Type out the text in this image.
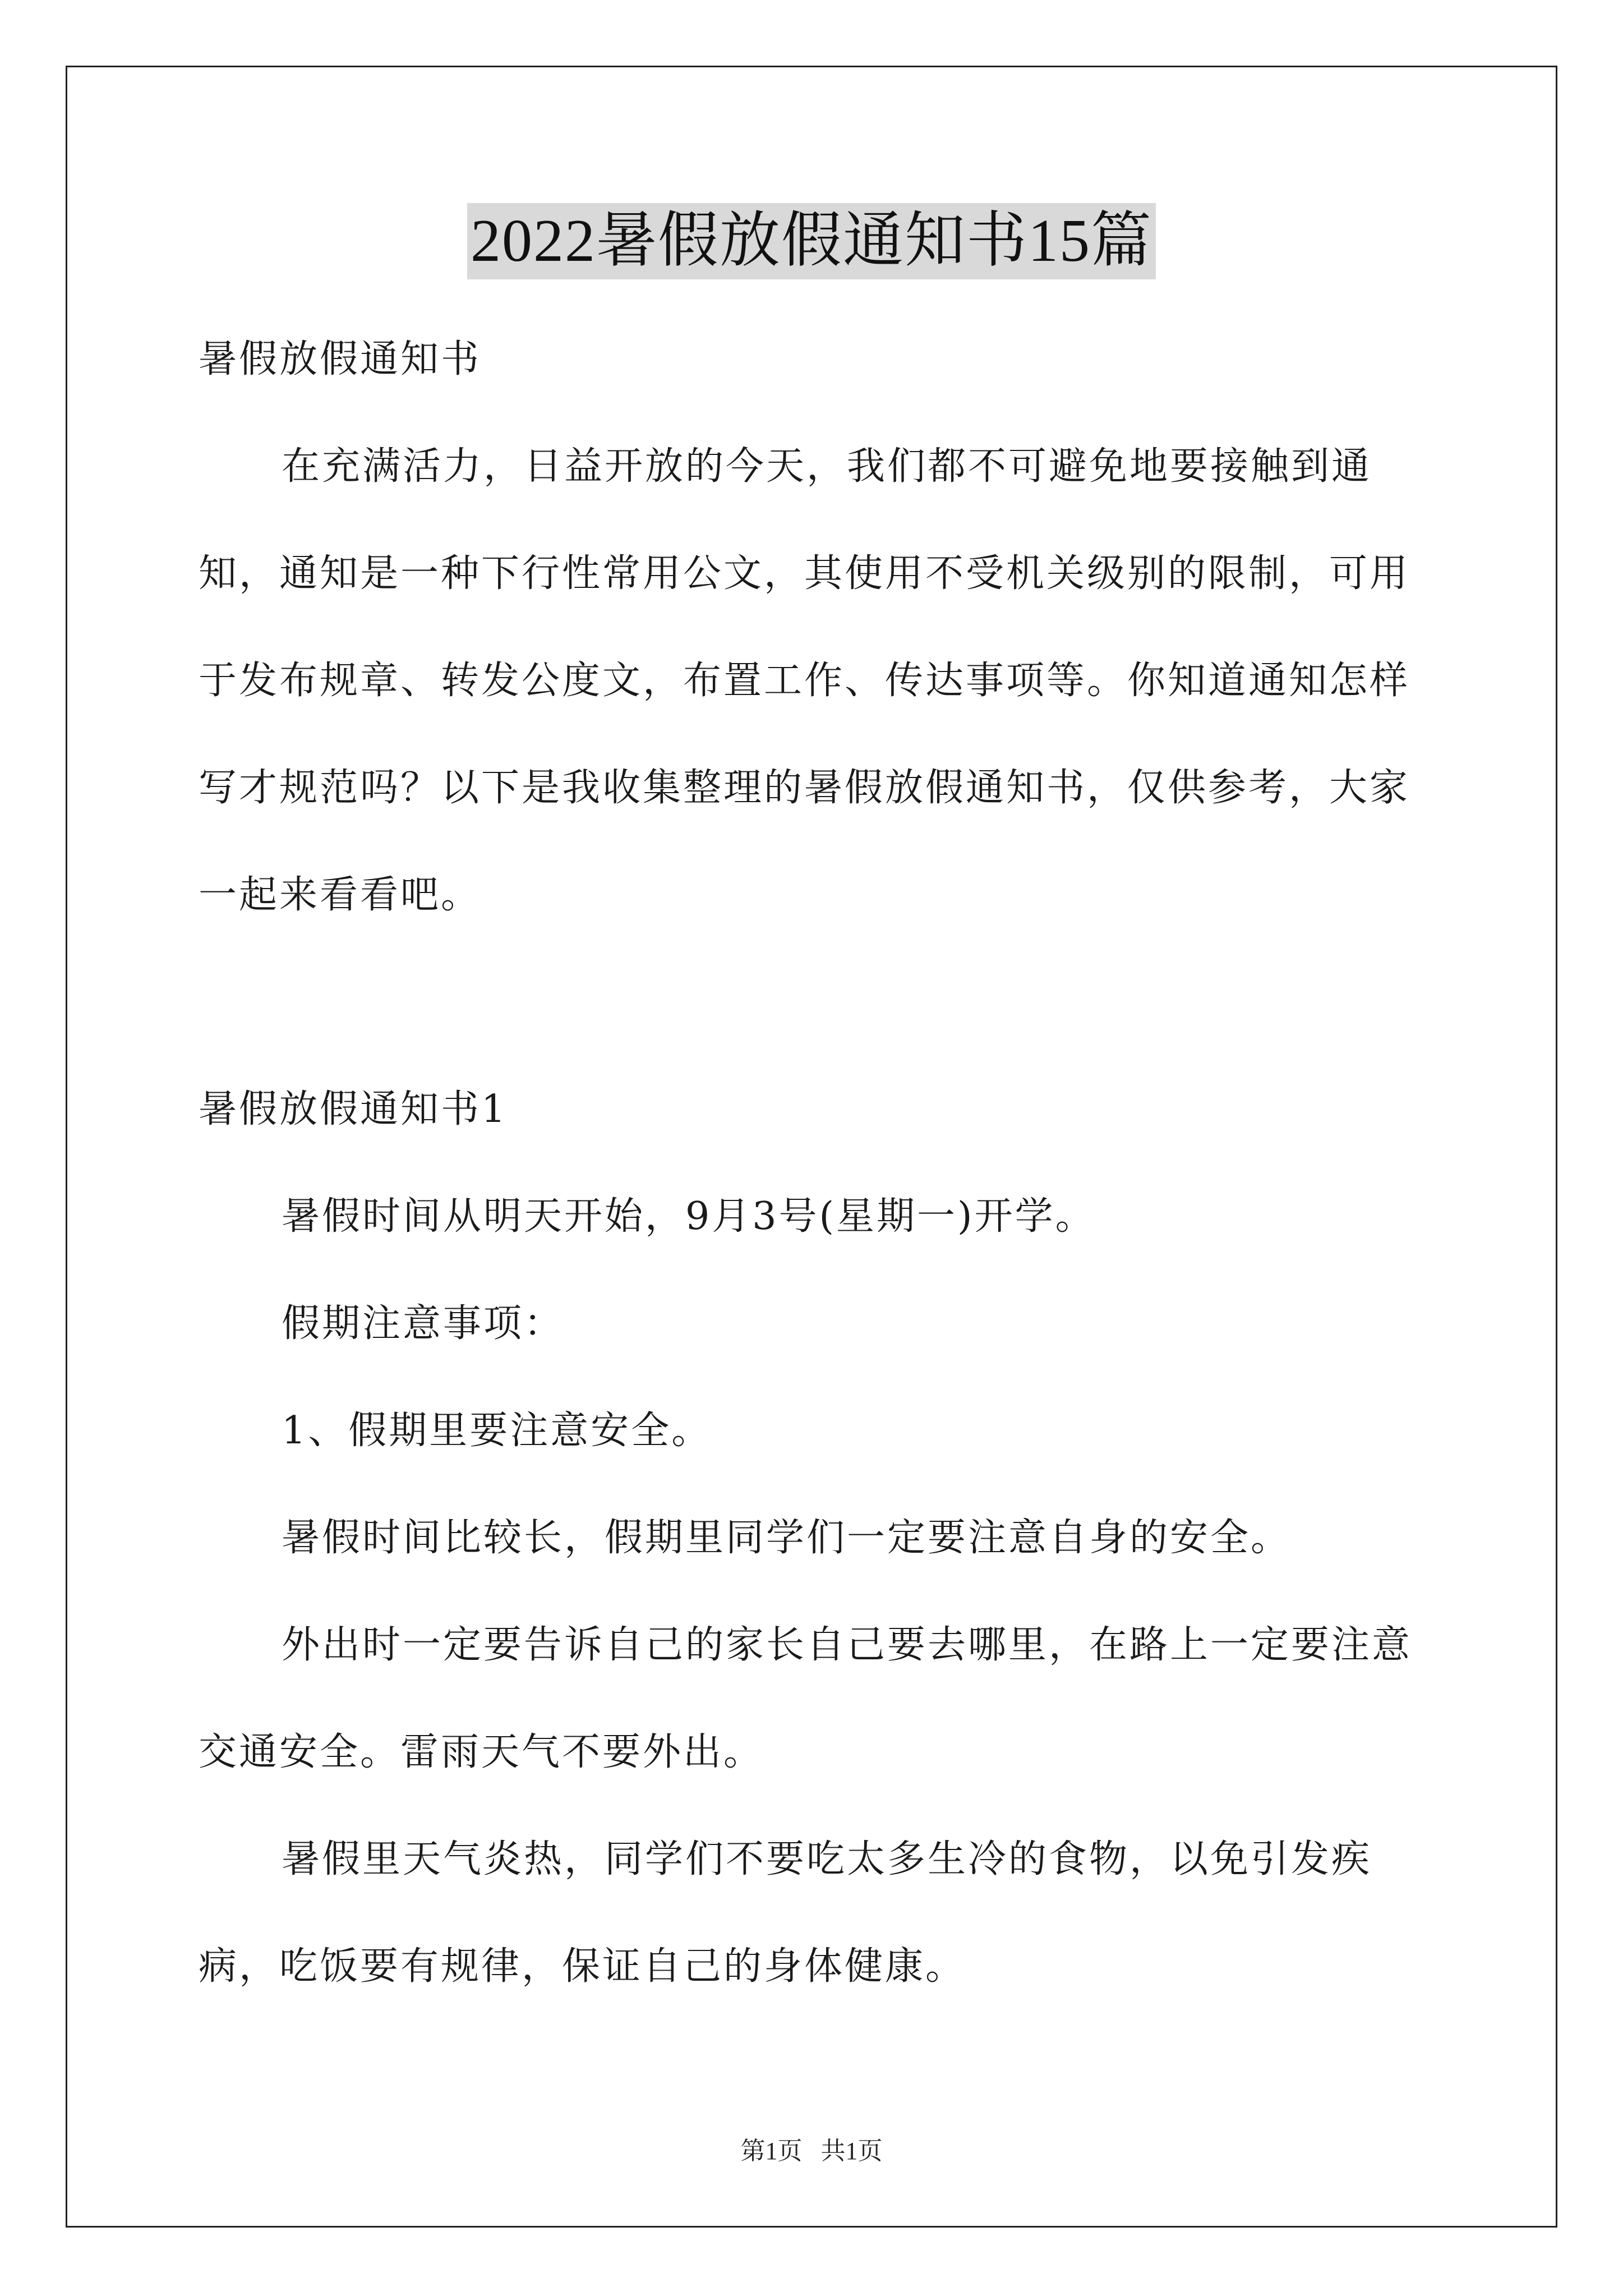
2022暑假放假通知书15篇

暑假放假通知书

在充满活力，日益开放的今天，我们都不可避免地要接触到通知，通知是一种下行性常用公文，其使用不受机关级别的限制，可用于发布规章、转发公度文，布置工作、传达事项等。你知道通知怎样写才规范吗？以下是我收集整理的暑假放假通知书，仅供参考，大家一起来看看吧。

暑假放假通知书1

暑假时间从明天开始，9月3号(星期一)开学。

假期注意事项：

1、假期里要注意安全。

暑假时间比较长，假期里同学们一定要注意自身的安全。

外出时一定要告诉自己的家长自己要去哪里，在路上一定要注意交通安全。雷雨天气不要外出。

暑假里天气炎热，同学们不要吃太多生冷的食物，以免引发疾病，吃饭要有规律，保证自己的身体健康。

第1页   共1页
